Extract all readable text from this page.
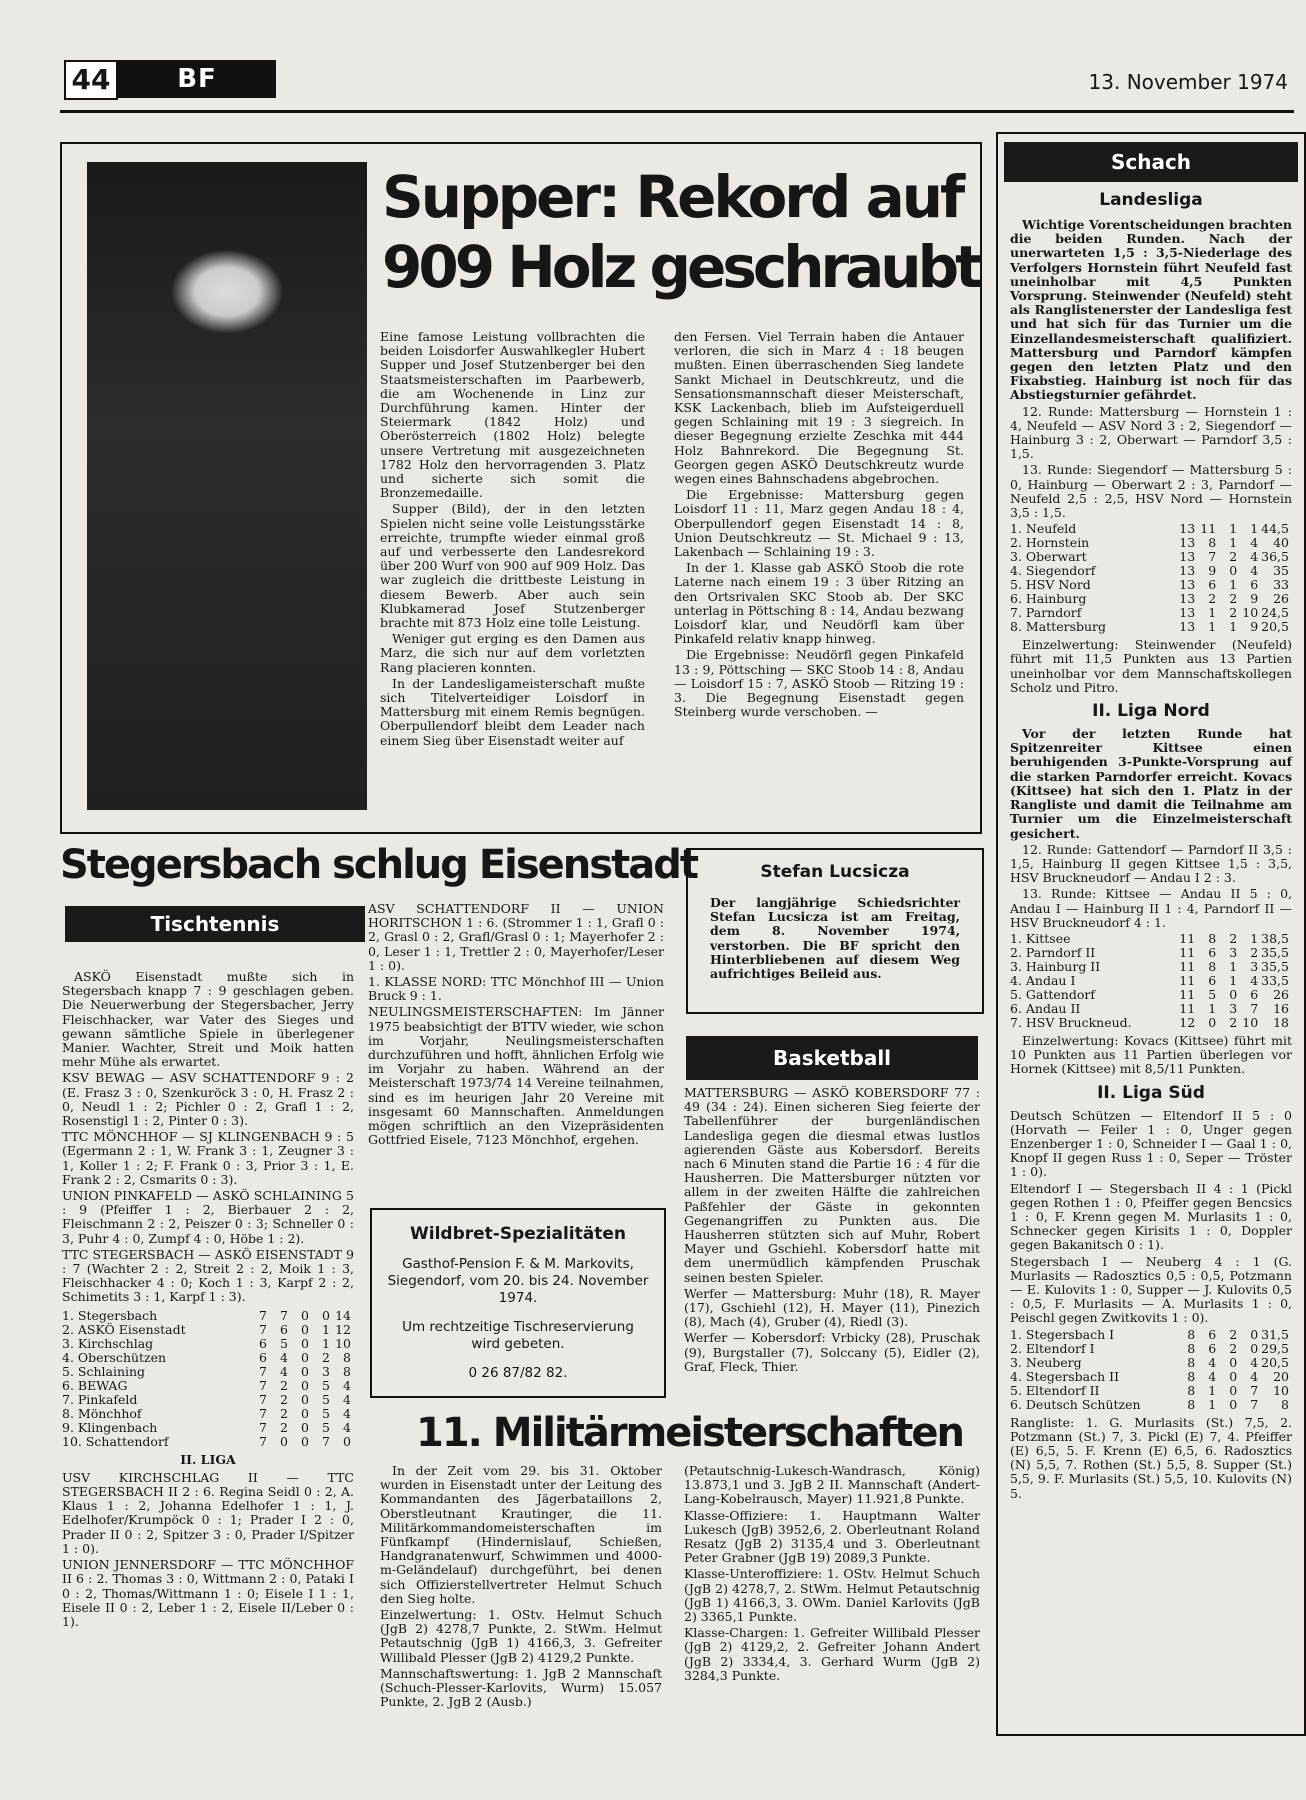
44	BF	13. November 1974
Supper: Rekord auf
909 Holz geschraubt

Eine famose Leistung vollbrachten die beiden Loisdorfer Auswahlkegler Hubert Supper und Josef Stutzenberger bei den Staatsmeisterschaften im Paarbewerb, die am Wochenende in Linz zur Durchführung kamen. Hinter der Steiermark (1842 Holz) und Oberösterreich (1802 Holz) belegte unsere Vertretung mit ausgezeichneten 1782 Holz den hervorragenden 3. Platz und sicherte sich somit die Bronzemedaille.

Supper (Bild), der in den letzten Spielen nicht seine volle Leistungsstärke erreichte, trumpfte wieder einmal groß auf und verbesserte den Landesrekord über 200 Wurf von 900 auf 909 Holz. Das war zugleich die drittbeste Leistung in diesem Bewerb. Aber auch sein Klubkamerad Josef Stutzenberger brachte mit 873 Holz eine tolle Leistung.

Weniger gut erging es den Damen aus Marz, die sich nur auf dem vorletzten Rang placieren konnten.

In der Landesligameisterschaft mußte sich Titelverteidiger Loisdorf in Mattersburg mit einem Remis begnügen. Oberpullendorf bleibt dem Leader nach einem Sieg über Eisenstadt weiter auf

den Fersen. Viel Terrain haben die Antauer verloren, die sich in Marz 4 : 18 beugen mußten. Einen überraschenden Sieg landete Sankt Michael in Deutschkreutz, und die Sensationsmannschaft dieser Meisterschaft, KSK Lackenbach, blieb im Aufsteigerduell gegen Schlaining mit 19 : 3 siegreich. In dieser Begegnung erzielte Zeschka mit 444 Holz Bahnrekord. Die Begegnung St. Georgen gegen ASKÖ Deutschkreutz wurde wegen eines Bahnschadens abgebrochen.

Die Ergebnisse: Mattersburg gegen Loisdorf 11 : 11, Marz gegen Andau 18 : 4, Oberpullendorf gegen Eisenstadt 14 : 8, Union Deutschkreutz — St. Michael 9 : 13, Lakenbach — Schlaining 19 : 3.

In der 1. Klasse gab ASKÖ Stoob die rote Laterne nach einem 19 : 3 über Ritzing an den Ortsrivalen SKC Stoob ab. Der SKC unterlag in Pöttsching 8 : 14, Andau bezwang Loisdorf klar, und Neudörfl kam über Pinkafeld relativ knapp hinweg.

Die Ergebnisse: Neudörfl gegen Pinkafeld 13 : 9, Pöttsching — SKC Stoob 14 : 8, Andau — Loisdorf 15 : 7, ASKÖ Stoob — Ritzing 19 : 3. Die Begegnung Eisenstadt gegen Steinberg wurde verschoben. —

Stegersbach schlug Eisenstadt
Tischtennis

ASKÖ Eisenstadt mußte sich in Stegersbach knapp 7 : 9 geschlagen geben. Die Neuerwerbung der Stegersbacher, Jerry Fleischhacker, war Vater des Sieges und gewann sämtliche Spiele in überlegener Manier. Wachter, Streit und Moik hatten mehr Mühe als erwartet.

KSV BEWAG — ASV SCHATTENDORF 9 : 2 (E. Frasz 3 : 0, Szenkuröck 3 : 0, H. Frasz 2 : 0, Neudl 1 : 2; Pichler 0 : 2, Grafl 1 : 2, Rosenstigl 1 : 2, Pinter 0 : 3).

TTC MÖNCHHOF — SJ KLINGENBACH 9 : 5 (Egermann 2 : 1, W. Frank 3 : 1, Zeugner 3 : 1, Koller 1 : 2; F. Frank 0 : 3, Prior 3 : 1, E. Frank 2 : 2, Csmarits 0 : 3).

UNION PINKAFELD — ASKÖ SCHLAINING 5 : 9 (Pfeiffer 1 : 2, Bierbauer 2 : 2, Fleischmann 2 : 2, Peiszer 0 : 3; Schneller 0 : 3, Puhr 4 : 0, Zumpf 4 : 0, Höbe 1 : 2).

TTC STEGERSBACH — ASKÖ EISENSTADT 9 : 7 (Wachter 2 : 2, Streit 2 : 2, Moik 1 : 3, Fleischhacker 4 : 0; Koch 1 : 3, Karpf 2 : 2, Schimetits 3 : 1, Karpf 1 : 3).

1. Stegersbach	7	7	0	0	14
2. ASKÖ Eisenstadt	7	6	0	1	12
3. Kirchschlag	6	5	0	1	10
4. Oberschützen	6	4	0	2	8
5. Schlaining	7	4	0	3	8
6. BEWAG	7	2	0	5	4
7. Pinkafeld	7	2	0	5	4
8. Mönchhof	7	2	0	5	4
9. Klingenbach	7	2	0	5	4
10. Schattendorf	7	0	0	7	0
II. LIGA

USV KIRCHSCHLAG II — TTC STEGERSBACH II 2 : 6. Regina Seidl 0 : 2, A. Klaus 1 : 2, Johanna Edelhofer 1 : 1, J. Edelhofer/Krumpöck 0 : 1; Prader I 2 : 0, Prader II 0 : 2, Spitzer 3 : 0, Prader I/Spitzer 1 : 0).

UNION JENNERSDORF — TTC MÖNCHHOF II 6 : 2. Thomas 3 : 0, Wittmann 2 : 0, Pataki I 0 : 2, Thomas/Wittmann 1 : 0; Eisele I 1 : 1, Eisele II 0 : 2, Leber 1 : 2, Eisele II/Leber 0 : 1).

ASV SCHATTENDORF II — UNION HORITSCHON 1 : 6. (Strommer 1 : 1, Grafl 0 : 2, Grasl 0 : 2, Grafl/Grasl 0 : 1; Mayerhofer 2 : 0, Leser 1 : 1, Trettler 2 : 0, Mayerhofer/Leser 1 : 0).

1. KLASSE NORD: TTC Mönchhof III — Union Bruck 9 : 1.

NEULINGSMEISTERSCHAFTEN: Im Jänner 1975 beabsichtigt der BTTV wieder, wie schon im Vorjahr, Neulingsmeisterschaften durchzuführen und hofft, ähnlichen Erfolg wie im Vorjahr zu haben. Während an der Meisterschaft 1973/74 14 Vereine teilnahmen, sind es im heurigen Jahr 20 Vereine mit insgesamt 60 Mannschaften. Anmeldungen mögen schriftlich an den Vizepräsidenten Gottfried Eisele, 7123 Mönchhof, ergehen.

Wildbret-Spezialitäten
Gasthof-Pension F. & M. Markovits, Siegendorf, vom 20. bis 24. November 1974.
Um rechtzeitige Tischreservierung wird gebeten.
0 26 87/82 82.
Stefan Lucsicza
Der langjährige Schiedsrichter Stefan Lucsicza ist am Freitag, dem 8. November 1974, verstorben. Die BF spricht den Hinterbliebenen auf diesem Weg aufrichtiges Beileid aus.
Basketball

MATTERSBURG — ASKÖ KOBERSDORF 77 : 49 (34 : 24). Einen sicheren Sieg feierte der Tabellenführer der burgenländischen Landesliga gegen die diesmal etwas lustlos agierenden Gäste aus Kobersdorf. Bereits nach 6 Minuten stand die Partie 16 : 4 für die Hausherren. Die Mattersburger nützten vor allem in der zweiten Hälfte die zahlreichen Paßfehler der Gäste in gekonnten Gegenangriffen zu Punkten aus. Die Hausherren stützten sich auf Muhr, Robert Mayer und Gschiehl. Kobersdorf hatte mit dem unermüdlich kämpfenden Pruschak seinen besten Spieler.

Werfer — Mattersburg: Muhr (18), R. Mayer (17), Gschiehl (12), H. Mayer (11), Pinezich (8), Mach (4), Gruber (4), Riedl (3).

Werfer — Kobersdorf: Vrbicky (28), Pruschak (9), Burgstaller (7), Solccany (5), Eidler (2), Graf, Fleck, Thier.

11. Militärmeisterschaften

In der Zeit vom 29. bis 31. Oktober wurden in Eisenstadt unter der Leitung des Kommandanten des Jägerbataillons 2, Oberstleutnant Krautinger, die 11. Militärkommandomeisterschaften im Fünfkampf (Hindernislauf, Schießen, Handgranatenwurf, Schwimmen und 4000-m-Geländelauf) durchgeführt, bei denen sich Offizierstellvertreter Helmut Schuch den Sieg holte.

Einzelwertung: 1. OStv. Helmut Schuch (JgB 2) 4278,7 Punkte, 2. StWm. Helmut Petautschnig (JgB 1) 4166,3, 3. Gefreiter Willibald Plesser (JgB 2) 4129,2 Punkte.

Mannschaftswertung: 1. JgB 2 Mannschaft (Schuch-Plesser-Karlovits, Wurm) 15.057 Punkte, 2. JgB 2 (Ausb.)

(Petautschnig-Lukesch-Wandrasch, König) 13.873,1 und 3. JgB 2 II. Mannschaft (Andert-Lang-Kobelrausch, Mayer) 11.921,8 Punkte.

Klasse-Offiziere: 1. Hauptmann Walter Lukesch (JgB) 3952,6, 2. Oberleutnant Roland Resatz (JgB 2) 3135,4 und 3. Oberleutnant Peter Grabner (JgB 19) 2089,3 Punkte.

Klasse-Unteroffiziere: 1. OStv. Helmut Schuch (JgB 2) 4278,7, 2. StWm. Helmut Petautschnig (JgB 1) 4166,3, 3. OWm. Daniel Karlovits (JgB 2) 3365,1 Punkte.

Klasse-Chargen: 1. Gefreiter Willibald Plesser (JgB 2) 4129,2, 2. Gefreiter Johann Andert (JgB 2) 3334,4, 3. Gerhard Wurm (JgB 2) 3284,3 Punkte.

Schach
Landesliga

Wichtige Vorentscheidungen brachten die beiden Runden. Nach der unerwarteten 1,5 : 3,5-Niederlage des Verfolgers Hornstein führt Neufeld fast uneinholbar mit 4,5 Punkten Vorsprung. Steinwender (Neufeld) steht als Ranglistenerster der Landesliga fest und hat sich für das Turnier um die Einzellandesmeisterschaft qualifiziert. Mattersburg und Parndorf kämpfen gegen den letzten Platz und den Fixabstieg. Hainburg ist noch für das Abstiegsturnier gefährdet.

12. Runde: Mattersburg — Hornstein 1 : 4, Neufeld — ASV Nord 3 : 2, Siegendorf — Hainburg 3 : 2, Oberwart — Parndorf 3,5 : 1,5.

13. Runde: Siegendorf — Mattersburg 5 : 0, Hainburg — Oberwart 2 : 3, Parndorf — Neufeld 2,5 : 2,5, HSV Nord — Hornstein 3,5 : 1,5.

1. Neufeld	13	11	1	1	44,5
2. Hornstein	13	8	1	4	40
3. Oberwart	13	7	2	4	36,5
4. Siegendorf	13	9	0	4	35
5. HSV Nord	13	6	1	6	33
6. Hainburg	13	2	2	9	26
7. Parndorf	13	1	2	10	24,5
8. Mattersburg	13	1	1	9	20,5

Einzelwertung: Steinwender (Neufeld) führt mit 11,5 Punkten aus 13 Partien uneinholbar vor dem Mannschaftskollegen Scholz und Pitro.

II. Liga Nord

Vor der letzten Runde hat Spitzenreiter Kittsee einen beruhigenden 3-Punkte-Vorsprung auf die starken Parndorfer erreicht. Kovacs (Kittsee) hat sich den 1. Platz in der Rangliste und damit die Teilnahme am Turnier um die Einzelmeisterschaft gesichert.

12. Runde: Gattendorf — Parndorf II 3,5 : 1,5, Hainburg II gegen Kittsee 1,5 : 3,5, HSV Bruckneudorf — Andau I 2 : 3.

13. Runde: Kittsee — Andau II 5 : 0, Andau I — Hainburg II 1 : 4, Parndorf II — HSV Bruckneudorf 4 : 1.

1. Kittsee	11	8	2	1	38,5
2. Parndorf II	11	6	3	2	35,5
3. Hainburg II	11	8	1	3	35,5
4. Andau I	11	6	1	4	33,5
5. Gattendorf	11	5	0	6	26
6. Andau II	11	1	3	7	16
7. HSV Bruckneud.	12	0	2	10	18

Einzelwertung: Kovacs (Kittsee) führt mit 10 Punkten aus 11 Partien überlegen vor Hornek (Kittsee) mit 8,5/11 Punkten.

II. Liga Süd

Deutsch Schützen — Eltendorf II 5 : 0 (Horvath — Feiler 1 : 0, Unger gegen Enzenberger 1 : 0, Schneider I — Gaal 1 : 0, Knopf II gegen Russ 1 : 0, Seper — Tröster 1 : 0).

Eltendorf I — Stegersbach II 4 : 1 (Pickl gegen Rothen 1 : 0, Pfeiffer gegen Bencsics 1 : 0, F. Krenn gegen M. Murlasits 1 : 0, Schnecker gegen Kirisits 1 : 0, Doppler gegen Bakanitsch 0 : 1).

Stegersbach I — Neuberg 4 : 1 (G. Murlasits — Radosztics 0,5 : 0,5, Potzmann — E. Kulovits 1 : 0, Supper — J. Kulovits 0,5 : 0,5, F. Murlasits — A. Murlasits 1 : 0, Peischl gegen Zwitkovits 1 : 0).

1. Stegersbach I	8	6	2	0	31,5
2. Eltendorf I	8	6	2	0	29,5
3. Neuberg	8	4	0	4	20,5
4. Stegersbach II	8	4	0	4	20
5. Eltendorf II	8	1	0	7	10
6. Deutsch Schützen	8	1	0	7	8

Rangliste: 1. G. Murlasits (St.) 7,5, 2. Potzmann (St.) 7, 3. Pickl (E) 7, 4. Pfeiffer (E) 6,5, 5. F. Krenn (E) 6,5, 6. Radosztics (N) 5,5, 7. Rothen (St.) 5,5, 8. Supper (St.) 5,5, 9. F. Murlasits (St.) 5,5, 10. Kulovits (N) 5.
